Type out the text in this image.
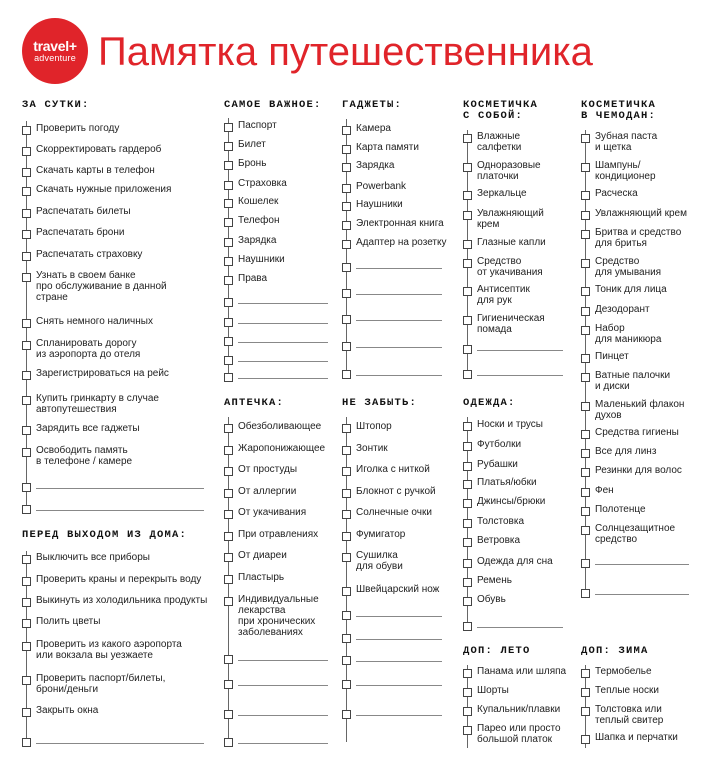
travel+
adventure Памятка путешественника
ЗА СУТКИ:
Проверить погоду
Скорректировать гардероб
Скачать карты в телефон
Скачать нужные приложения
Распечатать билеты
Распечатать брони
Распечатать страховку
Узнать в своем банке
про обслуживание в данной
стране
Снять немного наличных
Спланировать дорогу
из аэропорта до отеля
Зарегистрироваться на рейс
Купить гринкарту в случае
автопутешествия
Зарядить все гаджеты
Освободить память
в телефоне / камере
ПЕРЕД ВЫХОДОМ ИЗ ДОМА:
Выключить все приборы
Проверить краны и перекрыть воду
Выкинуть из холодильника продукты
Полить цветы
Проверить из какого аэропорта
или вокзала вы уезжаете
Проверить паспорт/билеты,
брони/деньги
Закрыть окна
САМОЕ ВАЖНОЕ:
Паспорт
Билет
Бронь
Страховка
Кошелек
Телефон
Зарядка
Наушники
Права
АПТЕЧКА:
Обезболивающее
Жаропонижающее
От простуды
От аллергии
От укачивания
При отравлениях
От диареи
Пластырь
Индивидуальные
лекарства
при хронических
заболеваниях
ГАДЖЕТЫ:
Камера
Карта памяти
Зарядка
Powerbank
Наушники
Электронная книга
Адаптер на розетку
НЕ ЗАБЫТЬ:
Штопор
Зонтик
Иголка с ниткой
Блокнот с ручкой
Солнечные очки
Фумигатор
Сушилка
для обуви
Швейцарский нож
КОСМЕТИЧКА
С СОБОЙ:
Влажные
салфетки
Одноразовые
платочки
Зеркальце
Увлажняющий
крем
Глазные капли
Средство
от укачивания
Антисептик
для рук
Гигиеническая
помада
ОДЕЖДА:
Носки и трусы
Футболки
Рубашки
Платья/юбки
Джинсы/брюки
Толстовка
Ветровка
Одежда для сна
Ремень
Обувь
ДОП: ЛЕТО
Панама или шляпа
Шорты
Купальник/плавки
Парео или просто
большой платок
КОСМЕТИЧКА
В ЧЕМОДАН:
Зубная паста
и щетка
Шампунь/
кондиционер
Расческа
Увлажняющий крем
Бритва и средство
для бритья
Средство
для умывания
Тоник для лица
Дезодорант
Набор
для маникюра
Пинцет
Ватные палочки
и диски
Маленький флакон
духов
Средства гигиены
Все для линз
Резинки для волос
Фен
Полотенце
Солнцезащитное
средство
ДОП: ЗИМА
Термобелье
Теплые носки
Толстовка или
теплый свитер
Шапка и перчатки
